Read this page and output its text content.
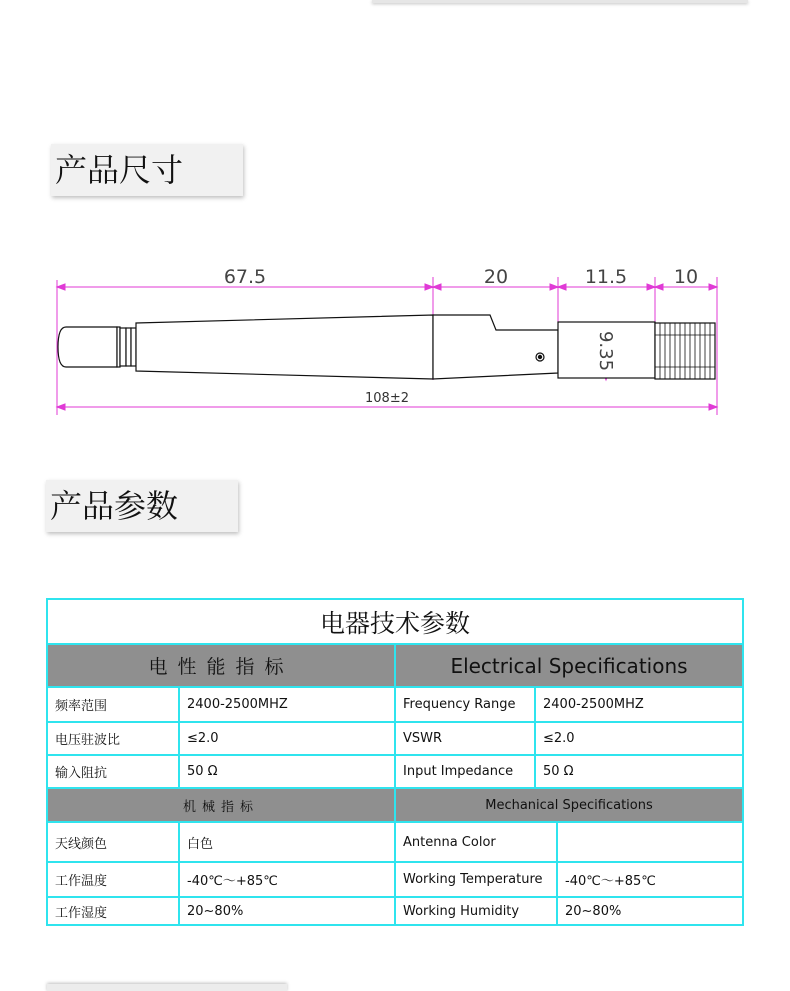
产品尺寸
67.5	20	11.5 10
9.35
108±2
产品参数
电器技术参数				
电性能指标		Electrical Specifications		
频率范围	2400-2500MHZ	Frequency Range	2400-2500MHZ	
电压驻波比	≤2.0	VSWR	≤2.0	
输入阻抗	50 Ω	Input Impedance	50 Ω	
机械指标		Mechanical Specifications		
天线颜色	白色	Antenna Color		
工作温度	-40℃～+85℃	Working Temperature		-40℃～+85℃
工作湿度	20~80%	Working Humidity		20~80%
